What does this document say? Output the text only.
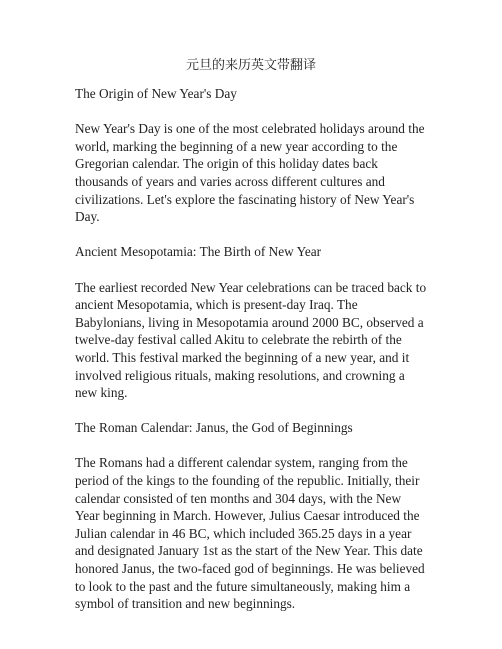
元旦的来历英文带翻译

The Origin of New Year's Day

New Year's Day is one of the most celebrated holidays around the world, marking the beginning of a new year according to the Gregorian calendar. The origin of this holiday dates back thousands of years and varies across different cultures and civilizations. Let's explore the fascinating history of New Year's Day.

Ancient Mesopotamia: The Birth of New Year

The earliest recorded New Year celebrations can be traced back to ancient Mesopotamia, which is present-day Iraq. The Babylonians, living in Mesopotamia around 2000 BC, observed a twelve-day festival called Akitu to celebrate the rebirth of the world. This festival marked the beginning of a new year, and it involved religious rituals, making resolutions, and crowning a new king.

The Roman Calendar: Janus, the God of Beginnings

The Romans had a different calendar system, ranging from the period of the kings to the founding of the republic. Initially, their calendar consisted of ten months and 304 days, with the New Year beginning in March. However, Julius Caesar introduced the Julian calendar in 46 BC, which included 365.25 days in a year and designated January 1st as the start of the New Year. This date honored Janus, the two-faced god of beginnings. He was believed to look to the past and the future simultaneously, making him a symbol of transition and new beginnings.
